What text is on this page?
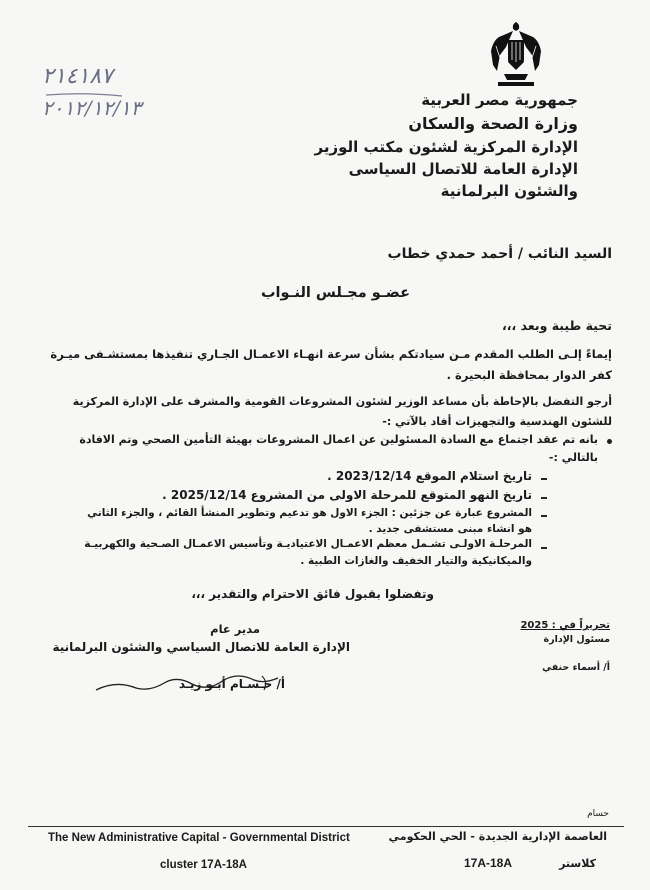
٢١٤١٨٧
٢٠١٢/١٢/١٣	جمهورية مصر العربية
وزارة الصحة والسكان
الإدارة المركزية لشئون مكتب الوزير
الإدارة العامة للاتصال السياسى
والشئون البرلمانية
السيد النائب / أحمد حمدي خطاب
عضـو مجـلس النـواب
تحية طيبة وبعد ،،،
إيماءً إلـى الطلب المقدم مـن سيادتكم بشأن سرعة انهـاء الاعمـال الجـاري تنفيذها بمستشـفى ميـرة
كفر الدوار بمحافظة البحيرة .
أرجو التفضل بالإحاطة بأن مساعد الوزير لشئون المشروعات القومية والمشرف على الإدارة المركزية
للشئون الهندسية والتجهيزات أفاد بالآتي :-
بانه تم عقد اجتماع مع السادة المسئولين عن اعمال المشروعات بهيئة التأمين الصحي وتم الافادة
بالتالي :-
تاريخ استلام الموقع 2023/12/14 .
تاريخ النهو المتوقع للمرحلة الاولى من المشروع 2025/12/14 .
المشروع عبارة عن جزئين : الجزء الاول هو تدعيم وتطوير المنشأ القائم ، والجزء الثاني
هو انشاء مبنى مستشفى جديد .
المرحلـة الاولـى تشـمل معظم الاعمـال الاعتياديـة وتأسيس الاعمـال الصـحية والكهربيـة
والميكانيكية والتيار الخفيف والغازات الطبية .
وتفضلوا بقبول فائق الاحترام والتقدير ،،،
مدير عام
الإدارة العامة للاتصال السياسي والشئون البرلمانية
أ/ حـسـام أبـو زيـد
تحريراً في : 2025
مسئول الإدارة
أ/ أسماء حنفي
حسام
The New Administrative Capital - Governmental District
cluster 17A-18A
العاصمة الإدارية الجديدة - الحي الحكومي
كلاستر
17A-18A
